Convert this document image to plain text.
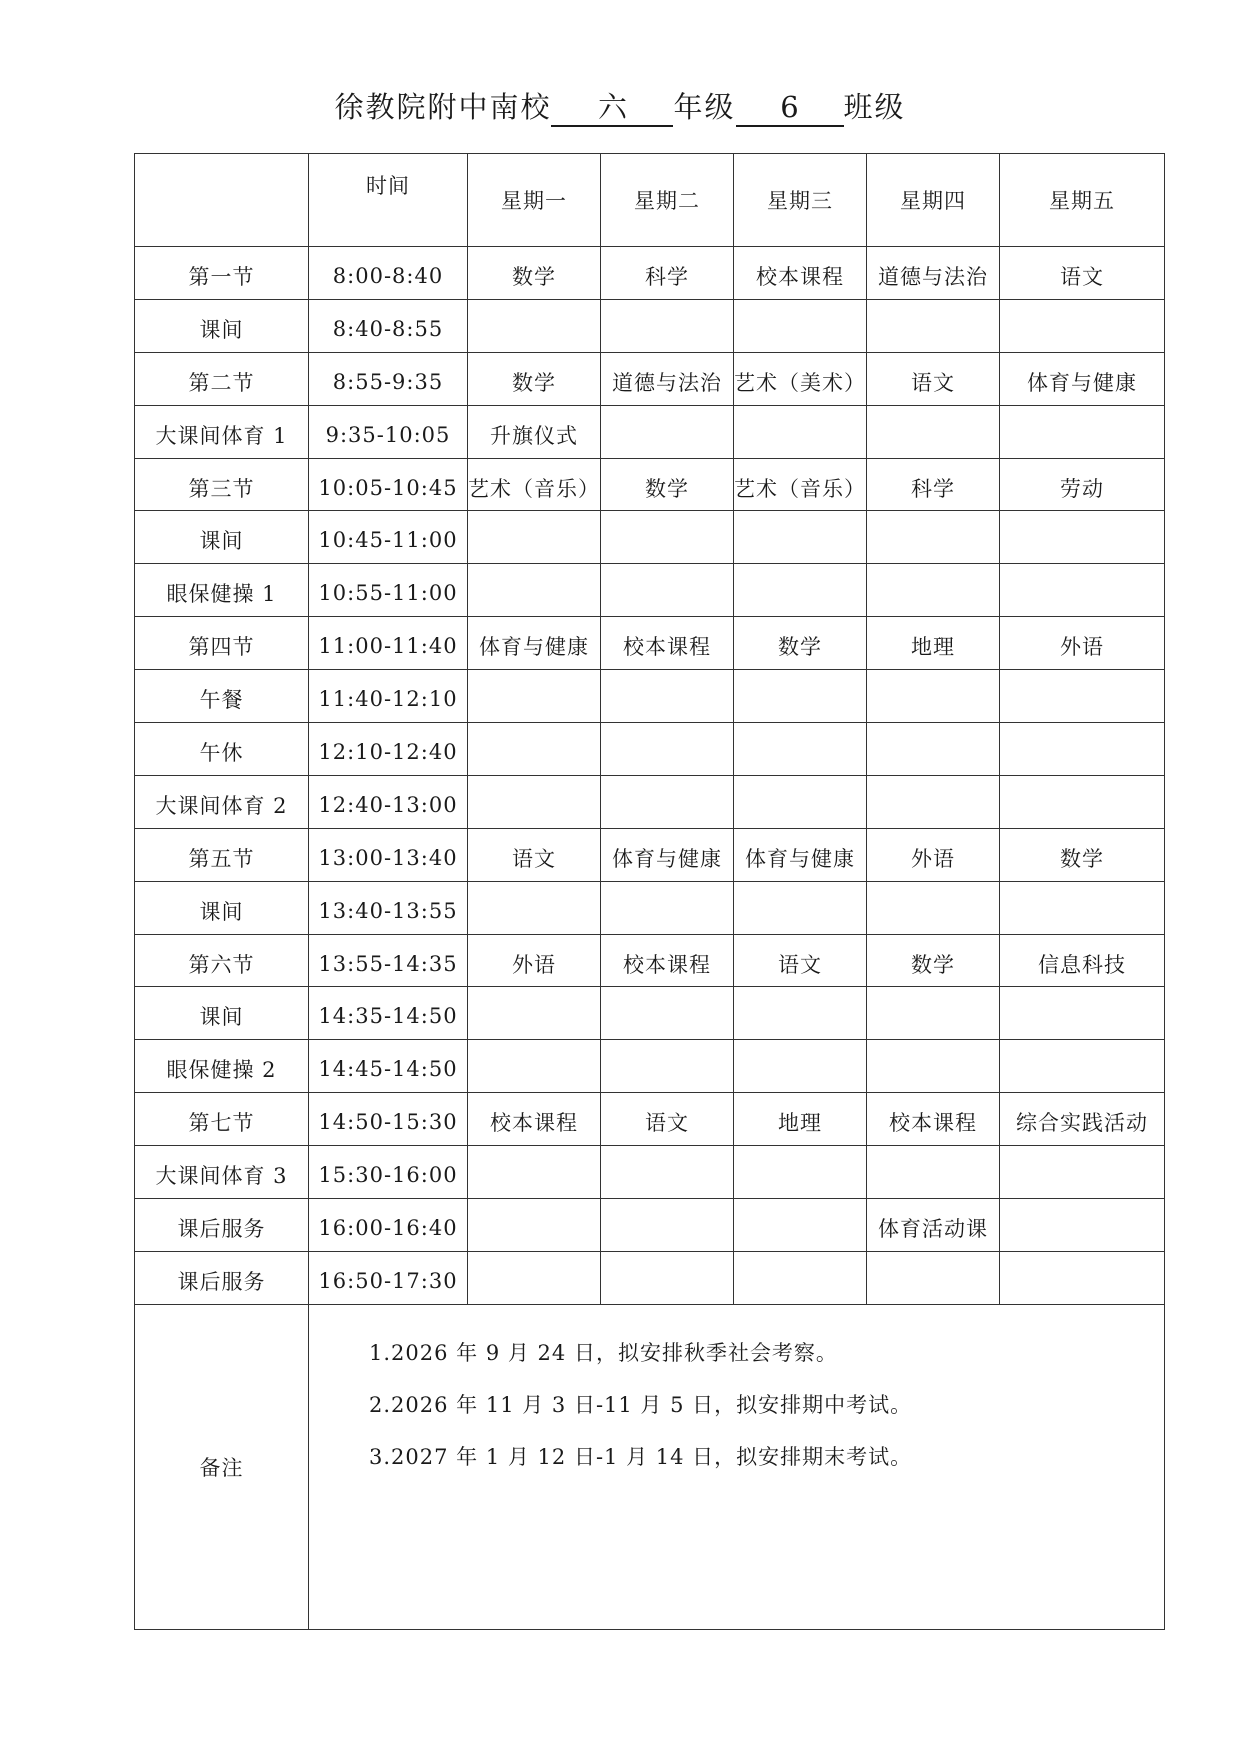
徐教院附中南校 六 年级 6 班级
	时间	星期一	星期二	星期三	星期四	星期五
第一节	8:00-8:40	数学	科学	校本课程	道德与法治	语文
课间	8:40-8:55					
第二节	8:55-9:35	数学	道德与法治	艺术（美术）	语文	体育与健康
大课间体育 1	9:35-10:05	升旗仪式				
第三节	10:05-10:45	艺术（音乐）	数学	艺术（音乐）	科学	劳动
课间	10:45-11:00					
眼保健操 1	10:55-11:00					
第四节	11:00-11:40	体育与健康	校本课程	数学	地理	外语
午餐	11:40-12:10					
午休	12:10-12:40					
大课间体育 2	12:40-13:00					
第五节	13:00-13:40	语文	体育与健康	体育与健康	外语	数学
课间	13:40-13:55					
第六节	13:55-14:35	外语	校本课程	语文	数学	信息科技
课间	14:35-14:50					
眼保健操 2	14:45-14:50					
第七节	14:50-15:30	校本课程	语文	地理	校本课程	综合实践活动
大课间体育 3	15:30-16:00					
课后服务	16:00-16:40				体育活动课	
课后服务	16:50-17:30					
备注	1.2026 年 9 月 24 日，拟安排秋季社会考察。
2.2026 年 11 月 3 日-11 月 5 日，拟安排期中考试。
3.2027 年 1 月 12 日-1 月 14 日，拟安排期末考试。					
